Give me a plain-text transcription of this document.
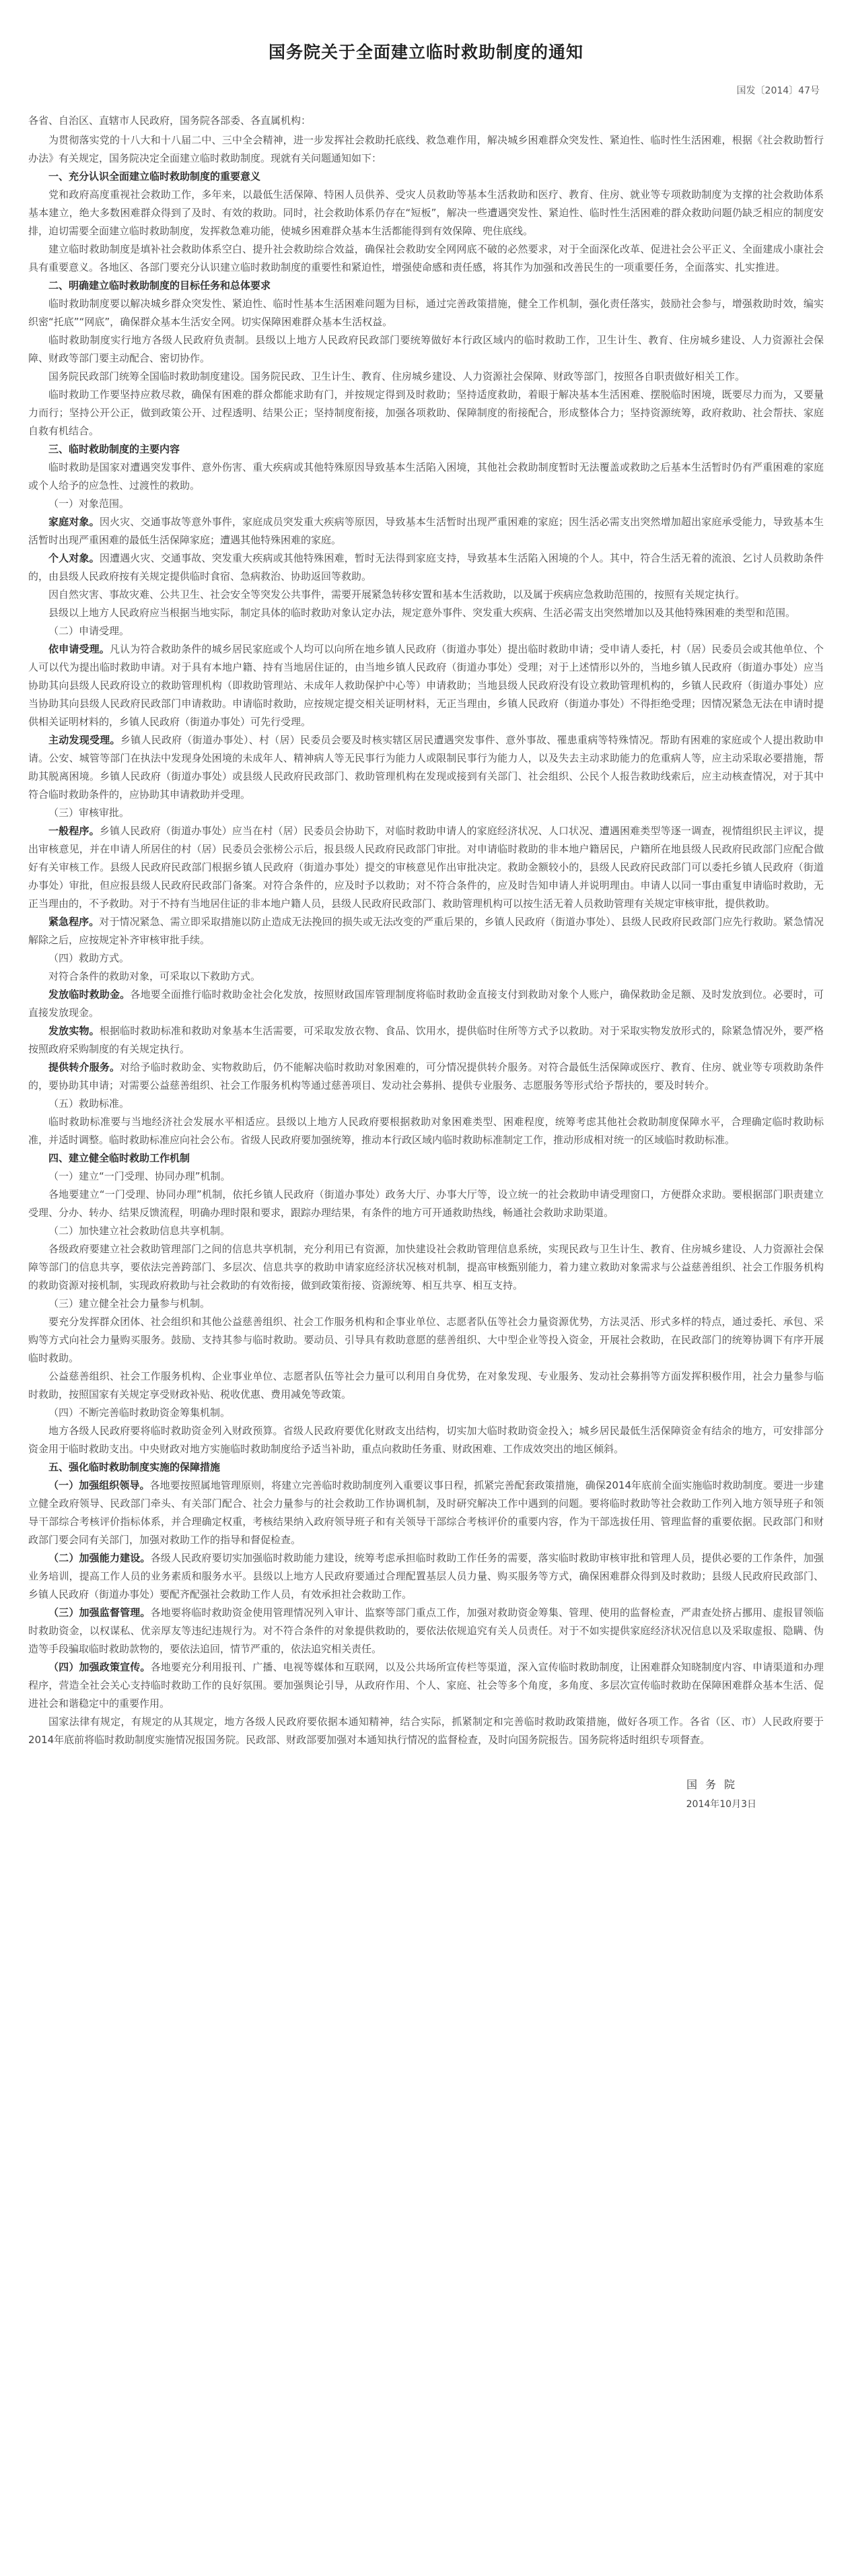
国务院关于全面建立临时救助制度的通知
国发〔2014〕47号

各省、自治区、直辖市人民政府，国务院各部委、各直属机构：

为贯彻落实党的十八大和十八届二中、三中全会精神，进一步发挥社会救助托底线、救急难作用，解决城乡困难群众突发性、紧迫性、临时性生活困难，根据《社会救助暂行办法》有关规定，国务院决定全面建立临时救助制度。现就有关问题通知如下：

一、充分认识全面建立临时救助制度的重要意义

党和政府高度重视社会救助工作，多年来，以最低生活保障、特困人员供养、受灾人员救助等基本生活救助和医疗、教育、住房、就业等专项救助制度为支撑的社会救助体系基本建立，绝大多数困难群众得到了及时、有效的救助。同时，社会救助体系仍存在“短板”，解决一些遭遇突发性、紧迫性、临时性生活困难的群众救助问题仍缺乏相应的制度安排，迫切需要全面建立临时救助制度，发挥救急难功能，使城乡困难群众基本生活都能得到有效保障、兜住底线。

建立临时救助制度是填补社会救助体系空白、提升社会救助综合效益，确保社会救助安全网网底不破的必然要求，对于全面深化改革、促进社会公平正义、全面建成小康社会具有重要意义。各地区、各部门要充分认识建立临时救助制度的重要性和紧迫性，增强使命感和责任感，将其作为加强和改善民生的一项重要任务，全面落实、扎实推进。

二、明确建立临时救助制度的目标任务和总体要求

临时救助制度要以解决城乡群众突发性、紧迫性、临时性基本生活困难问题为目标，通过完善政策措施，健全工作机制，强化责任落实，鼓励社会参与，增强救助时效，编实织密“托底”“网底”，确保群众基本生活安全网。切实保障困难群众基本生活权益。

临时救助制度实行地方各级人民政府负责制。县级以上地方人民政府民政部门要统筹做好本行政区域内的临时救助工作，卫生计生、教育、住房城乡建设、人力资源社会保障、财政等部门要主动配合、密切协作。

国务院民政部门统筹全国临时救助制度建设。国务院民政、卫生计生、教育、住房城乡建设、人力资源社会保障、财政等部门，按照各自职责做好相关工作。

临时救助工作要坚持应救尽救，确保有困难的群众都能求助有门，并按规定得到及时救助；坚持适度救助，着眼于解决基本生活困难、摆脱临时困境，既要尽力而为，又要量力而行；坚持公开公正，做到政策公开、过程透明、结果公正；坚持制度衔接，加强各项救助、保障制度的衔接配合，形成整体合力；坚持资源统筹，政府救助、社会帮扶、家庭自救有机结合。

三、临时救助制度的主要内容

临时救助是国家对遭遇突发事件、意外伤害、重大疾病或其他特殊原因导致基本生活陷入困境，其他社会救助制度暂时无法覆盖或救助之后基本生活暂时仍有严重困难的家庭或个人给予的应急性、过渡性的救助。

（一）对象范围。

家庭对象。因火灾、交通事故等意外事件，家庭成员突发重大疾病等原因，导致基本生活暂时出现严重困难的家庭；因生活必需支出突然增加超出家庭承受能力，导致基本生活暂时出现严重困难的最低生活保障家庭；遭遇其他特殊困难的家庭。

个人对象。因遭遇火灾、交通事故、突发重大疾病或其他特殊困难，暂时无法得到家庭支持，导致基本生活陷入困境的个人。其中，符合生活无着的流浪、乞讨人员救助条件的，由县级人民政府按有关规定提供临时食宿、急病救治、协助返回等救助。

因自然灾害、事故灾难、公共卫生、社会安全等突发公共事件，需要开展紧急转移安置和基本生活救助，以及属于疾病应急救助范围的，按照有关规定执行。

县级以上地方人民政府应当根据当地实际，制定具体的临时救助对象认定办法，规定意外事件、突发重大疾病、生活必需支出突然增加以及其他特殊困难的类型和范围。

（二）申请受理。

依申请受理。凡认为符合救助条件的城乡居民家庭或个人均可以向所在地乡镇人民政府（街道办事处）提出临时救助申请；受申请人委托，村（居）民委员会或其他单位、个人可以代为提出临时救助申请。对于具有本地户籍、持有当地居住证的，由当地乡镇人民政府（街道办事处）受理；对于上述情形以外的，当地乡镇人民政府（街道办事处）应当协助其向县级人民政府设立的救助管理机构（即救助管理站、未成年人救助保护中心等）申请救助；当地县级人民政府没有设立救助管理机构的，乡镇人民政府（街道办事处）应当协助其向县级人民政府民政部门申请救助。申请临时救助，应按规定提交相关证明材料，无正当理由，乡镇人民政府（街道办事处）不得拒绝受理；因情况紧急无法在申请时提供相关证明材料的，乡镇人民政府（街道办事处）可先行受理。

主动发现受理。乡镇人民政府（街道办事处）、村（居）民委员会要及时核实辖区居民遭遇突发事件、意外事故、罹患重病等特殊情况。帮助有困难的家庭或个人提出救助申请。公安、城管等部门在执法中发现身处困境的未成年人、精神病人等无民事行为能力人或限制民事行为能力人，以及失去主动求助能力的危重病人等，应主动采取必要措施，帮助其脱离困境。乡镇人民政府（街道办事处）或县级人民政府民政部门、救助管理机构在发现或接到有关部门、社会组织、公民个人报告救助线索后，应主动核查情况，对于其中符合临时救助条件的，应协助其申请救助并受理。

（三）审核审批。

一般程序。乡镇人民政府（街道办事处）应当在村（居）民委员会协助下，对临时救助申请人的家庭经济状况、人口状况、遭遇困难类型等逐一调查，视情组织民主评议，提出审核意见，并在申请人所居住的村（居）民委员会张榜公示后，报县级人民政府民政部门审批。对申请临时救助的非本地户籍居民，户籍所在地县级人民政府民政部门应配合做好有关审核工作。县级人民政府民政部门根据乡镇人民政府（街道办事处）提交的审核意见作出审批决定。救助金额较小的，县级人民政府民政部门可以委托乡镇人民政府（街道办事处）审批，但应报县级人民政府民政部门备案。对符合条件的，应及时予以救助；对不符合条件的，应及时告知申请人并说明理由。申请人以同一事由重复申请临时救助，无正当理由的，不予救助。对于不持有当地居住证的非本地户籍人员，县级人民政府民政部门、救助管理机构可以按生活无着人员救助管理有关规定审核审批，提供救助。

紧急程序。对于情况紧急、需立即采取措施以防止造成无法挽回的损失或无法改变的严重后果的，乡镇人民政府（街道办事处）、县级人民政府民政部门应先行救助。紧急情况解除之后，应按规定补齐审核审批手续。

（四）救助方式。

对符合条件的救助对象，可采取以下救助方式。

发放临时救助金。各地要全面推行临时救助金社会化发放，按照财政国库管理制度将临时救助金直接支付到救助对象个人账户，确保救助金足额、及时发放到位。必要时，可直接发放现金。

发放实物。根据临时救助标准和救助对象基本生活需要，可采取发放衣物、食品、饮用水，提供临时住所等方式予以救助。对于采取实物发放形式的，除紧急情况外，要严格按照政府采购制度的有关规定执行。

提供转介服务。对给予临时救助金、实物救助后，仍不能解决临时救助对象困难的，可分情况提供转介服务。对符合最低生活保障或医疗、教育、住房、就业等专项救助条件的，要协助其申请；对需要公益慈善组织、社会工作服务机构等通过慈善项目、发动社会募捐、提供专业服务、志愿服务等形式给予帮扶的，要及时转介。

（五）救助标准。

临时救助标准要与当地经济社会发展水平相适应。县级以上地方人民政府要根据救助对象困难类型、困难程度，统筹考虑其他社会救助制度保障水平，合理确定临时救助标准，并适时调整。临时救助标准应向社会公布。省级人民政府要加强统筹，推动本行政区域内临时救助标准制定工作，推动形成相对统一的区域临时救助标准。

四、建立健全临时救助工作机制

（一）建立“一门受理、协同办理”机制。

各地要建立“一门受理、协同办理”机制，依托乡镇人民政府（街道办事处）政务大厅、办事大厅等，设立统一的社会救助申请受理窗口，方便群众求助。要根据部门职责建立受理、分办、转办、结果反馈流程，明确办理时限和要求，跟踪办理结果，有条件的地方可开通救助热线，畅通社会救助求助渠道。

（二）加快建立社会救助信息共享机制。

各级政府要建立社会救助管理部门之间的信息共享机制，充分利用已有资源，加快建设社会救助管理信息系统，实现民政与卫生计生、教育、住房城乡建设、人力资源社会保障等部门的信息共享，要依法完善跨部门、多层次、信息共享的救助申请家庭经济状况核对机制，提高审核甄别能力，着力建立救助对象需求与公益慈善组织、社会工作服务机构的救助资源对接机制，实现政府救助与社会救助的有效衔接，做到政策衔接、资源统筹、相互共享、相互支持。

（三）建立健全社会力量参与机制。

要充分发挥群众团体、社会组织和其他公益慈善组织、社会工作服务机构和企事业单位、志愿者队伍等社会力量资源优势，方法灵活、形式多样的特点，通过委托、承包、采购等方式向社会力量购买服务。鼓励、支持其参与临时救助。要动员、引导具有救助意愿的慈善组织、大中型企业等投入资金，开展社会救助，在民政部门的统筹协调下有序开展临时救助。

公益慈善组织、社会工作服务机构、企业事业单位、志愿者队伍等社会力量可以利用自身优势，在对象发现、专业服务、发动社会募捐等方面发挥积极作用，社会力量参与临时救助，按照国家有关规定享受财政补贴、税收优惠、费用减免等政策。

（四）不断完善临时救助资金筹集机制。

地方各级人民政府要将临时救助资金列入财政预算。省级人民政府要优化财政支出结构，切实加大临时救助资金投入；城乡居民最低生活保障资金有结余的地方，可安排部分资金用于临时救助支出。中央财政对地方实施临时救助制度给予适当补助，重点向救助任务重、财政困难、工作成效突出的地区倾斜。

五、强化临时救助制度实施的保障措施

（一）加强组织领导。各地要按照属地管理原则，将建立完善临时救助制度列入重要议事日程，抓紧完善配套政策措施，确保2014年底前全面实施临时救助制度。要进一步建立健全政府领导、民政部门牵头、有关部门配合、社会力量参与的社会救助工作协调机制，及时研究解决工作中遇到的问题。要将临时救助等社会救助工作列入地方领导班子和领导干部综合考核评价指标体系，并合理确定权重，考核结果纳入政府领导班子和有关领导干部综合考核评价的重要内容，作为干部选拔任用、管理监督的重要依据。民政部门和财政部门要会同有关部门，加强对救助工作的指导和督促检查。

（二）加强能力建设。各级人民政府要切实加强临时救助能力建设，统筹考虑承担临时救助工作任务的需要，落实临时救助审核审批和管理人员，提供必要的工作条件，加强业务培训，提高工作人员的业务素质和服务水平。县级以上地方人民政府要通过合理配置基层人员力量、购买服务等方式，确保困难群众得到及时救助；县级人民政府民政部门、乡镇人民政府（街道办事处）要配齐配强社会救助工作人员，有效承担社会救助工作。

（三）加强监督管理。各地要将临时救助资金使用管理情况列入审计、监察等部门重点工作，加强对救助资金筹集、管理、使用的监督检查，严肃查处挤占挪用、虚报冒领临时救助资金，以权谋私、优亲厚友等违纪违规行为。对不符合条件的对象提供救助的，要依法依规追究有关人员责任。对于不如实提供家庭经济状况信息以及采取虚报、隐瞒、伪造等手段骗取临时救助款物的，要依法追回，情节严重的，依法追究相关责任。

（四）加强政策宣传。各地要充分利用报刊、广播、电视等媒体和互联网，以及公共场所宣传栏等渠道，深入宣传临时救助制度，让困难群众知晓制度内容、申请渠道和办理程序，营造全社会关心支持临时救助工作的良好氛围。要加强舆论引导，从政府作用、个人、家庭、社会等多个角度，多角度、多层次宣传临时救助在保障困难群众基本生活、促进社会和谐稳定中的重要作用。

国家法律有规定，有规定的从其规定，地方各级人民政府要依据本通知精神，结合实际，抓紧制定和完善临时救助政策措施，做好各项工作。各省（区、市）人民政府要于2014年底前将临时救助制度实施情况报国务院。民政部、财政部要加强对本通知执行情况的监督检查，及时向国务院报告。国务院将适时组织专项督查。

国务院
2014年10月3日
